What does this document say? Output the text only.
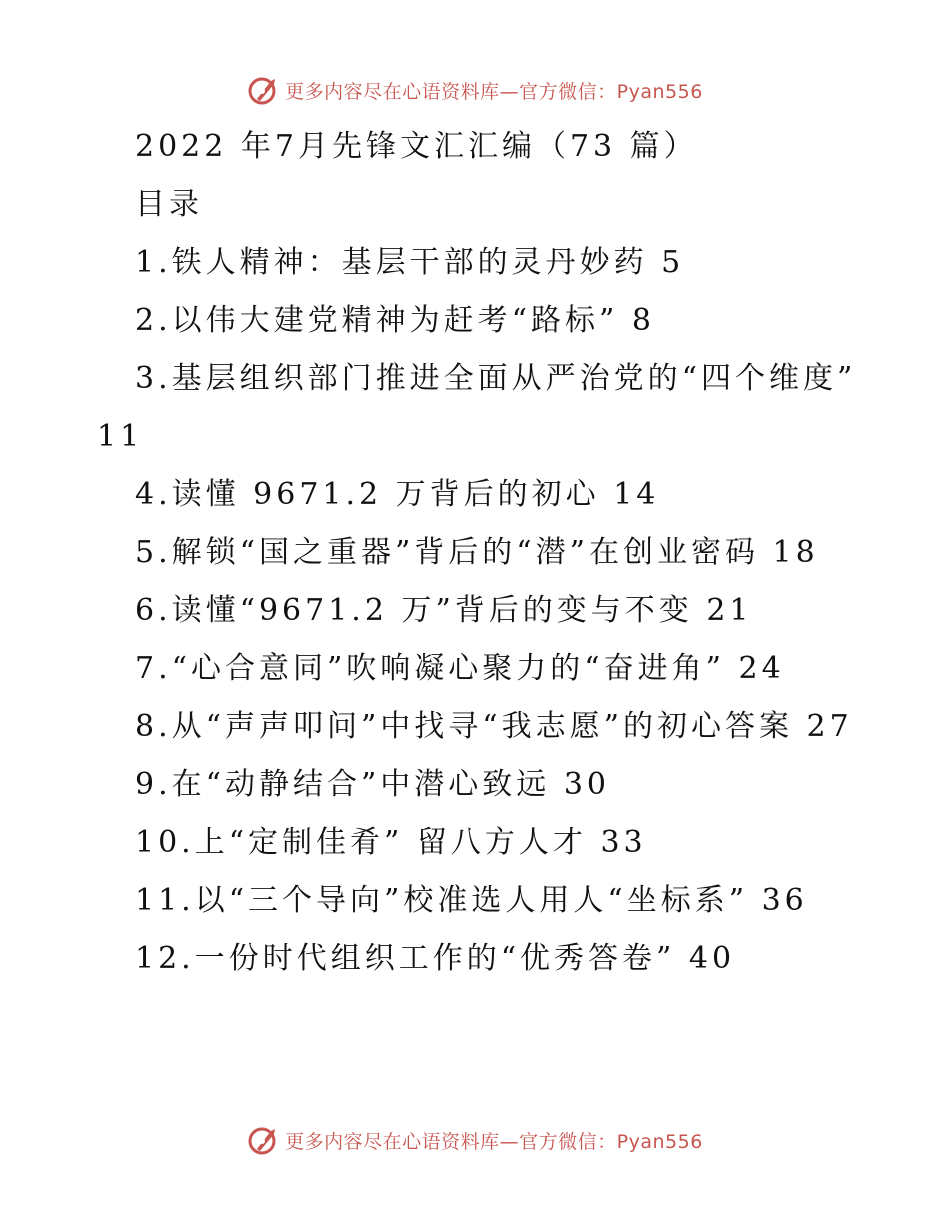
更多内容尽在心语资料库—官方微信：Pyan556

2022 年7月先锋文汇汇编（73 篇）

目录

1.铁人精神：基层干部的灵丹妙药 5

2.以伟大建党精神为赶考“路标” 8

3.基层组织部门推进全面从严治党的“四个维度” 11

4.读懂 9671.2 万背后的初心 14

5.解锁“国之重器”背后的“潜”在创业密码 18

6.读懂“9671.2 万”背后的变与不变 21

7.“心合意同”吹响凝心聚力的“奋进角” 24

8.从“声声叩问”中找寻“我志愿”的初心答案 27

9.在“动静结合”中潜心致远 30

10.上“定制佳肴” 留八方人才 33

11.以“三个导向”校准选人用人“坐标系” 36

12.一份时代组织工作的“优秀答卷” 40

更多内容尽在心语资料库—官方微信：Pyan556
